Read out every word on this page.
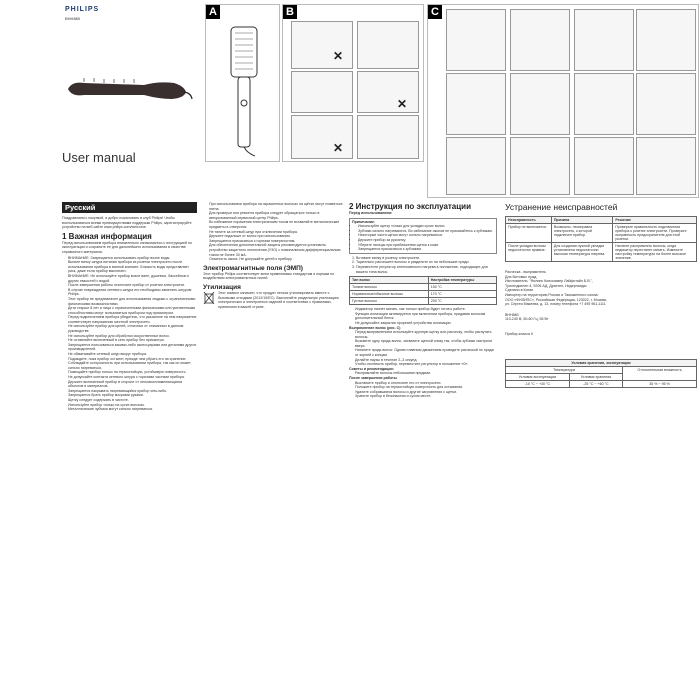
PHILIPS
BHH880
User manual
A	B
✕
✕
✕
C
Русский

Поздравляем с покупкой, и добро пожаловать в клуб Philips! Чтобы воспользоваться всеми преимуществами поддержки Philips, зарегистрируйте устройство на веб-сайте www.philips.com/welcome.

1 Важная информация

Перед использованием прибора внимательно ознакомьтесь с инструкцией по эксплуатации и сохраните ее для дальнейшего использования в качестве справочного материала.

• ВНИМАНИЕ: Запрещается использовать прибор возле воды.
• Выньте вилку шнура питания прибора из розетки электросети после использования прибора в ванной комнате. Близость воды представляет риск, даже если прибор выключен.
• ВНИМАНИЕ: Не используйте прибор возле ванн, душевых, бассейнов и других емкостей с водой.
• После завершения работы отключите прибор от розетки электросети.
• В случае повреждения сетевого шнура его необходимо заменить шнуром Philips.
• Этот прибор не предназначен для использования людьми с ограниченными физическими возможностями.
• Дети старше 8 лет и лица с ограниченными физическими или умственными способностями могут пользоваться прибором под присмотром.
• Перед подключением прибора убедитесь, что указанное на нем напряжение соответствует напряжению местной электросети.
• Не используйте прибор для целей, отличных от описанных в данном руководстве.
• Не используйте прибор для обработки искусственных волос.
• Не оставляйте включенный в сеть прибор без присмотра.
• Запрещается пользоваться какими-либо аксессуарами или деталями других производителей.
• Не обматывайте сетевой шнур вокруг прибора.
• Подождите, пока прибор остынет, прежде чем убрать его на хранение.
• Соблюдайте осторожность при использовании прибора, так как он может сильно нагреваться.
• Помещайте прибор только на термостойкую, устойчивую поверхность.
• Не допускайте контакта сетевого шнура с горячими частями прибора.
• Держите включенный прибор в стороне от легковоспламеняющихся объектов и материалов.
• Запрещается накрывать нагревающийся прибор чем-либо.
• Запрещается брать прибор мокрыми руками.
• Щетку следует содержать в чистоте.
• Используйте прибор только на сухих волосах.
• Металлические зубчики могут сильно нагреваться.
• При использовании прибора на окрашенных волосах на щётке могут появиться пятна.
• Для проверки или ремонта прибора следует обращаться только в авторизованный сервисный центр Philips.
• Во избежание поражения электрическим током не вставляйте металлические предметы в отверстия.
• Не тяните за сетевой шнур при отключении прибора.
• Держите подальше от волос при использовании.
• Запрещается прикасаться к горячим поверхностям.
• Для обеспечения дополнительной защиты рекомендуется установить устройство защитного отключения (УЗО) с номинальным дифференциальным током не более 30 мА.
• Опасность ожога. Не допускайте детей к прибору.
Электромагнитные поля (ЭМП)

Этот прибор Philips соответствует всем применимым стандартам и нормам по воздействию электромагнитных полей.

Утилизация

Этот символ означает, что продукт нельзя утилизировать вместе с бытовыми отходами (2012/19/ЕС). Выполняйте раздельную утилизацию электрических и электронных изделий в соответствии с правилами, принятыми в вашей стране.

2 Инструкция по эксплуатации
Перед использованием:
Примечание.
• Используйте щетку только для укладки сухих волос.
• Зубчики сильно нагреваются. Во избежание ожогов не прикасайтесь к зубчикам.
• Некоторые части щетки могут сильно нагреваться.
• Держите прибор за рукоятку.
• Уберите пальцы при приближении щетки к коже.
• Запрещается прикасаться к зубчикам.
1. Вставьте вилку в розетку электросети.
2. Тщательно расчешите волосы и разделите их на небольшие пряди.
3. Переместите регулятор интенсивности нагрева в положение, подходящее для вашего типа волос.
Тип волос	Настройка температуры
Тонкие волосы	150 °C
Нормальные/обычные волосы	170 °C
Густые волосы	200 °C
• Индикатор начнет мигать, как только прибор будет готов к работе.
• Функция ионизации активируется при включении прибора, придавая волосам дополнительный блеск.
• Не допускайте закрытия прорезей устройства ионизации.
Выпрямление волос (рис. C)
• Перед выпрямлением используйте крупную щетку или расческу, чтобы распутать волосы.
• Возьмите одну прядь волос, захватите щеткой снизу так, чтобы зубчики смотрели вверх.
• Натяните прядь волос. Одним плавным движением проведите расческой по пряди от корней к концам.
• Делайте паузы в течение 2–3 секунд.
• Чтобы отключить прибор, переместите регулятор в положение «0».
Советы и рекомендации:
• Распрямляйте волосы небольшими прядями.
После завершения работы
• Выключите прибор и отключите его от электросети.
• Положите прибор на термостойкую поверхность для остывания.
• Удалите собравшиеся волосы и другие загрязнения с щетки.
• Храните прибор в безопасном и сухом месте.
Устранение неисправностей
Неисправность	Причина	Решение
Прибор не включается.	Возможно, неисправна электросеть, к которой подключен прибор.	Проверьте правильность подключения прибора к розетке электросети. Проверьте исправность предохранителя для этой розетки.
После укладки волосы недостаточно прямые.	Для создания нужной укладки установлена недостаточно высокая температура нагрева.	Начните распрямлять волосы, когда индикатор перестанет мигать. Измените настройку температуры на более высокое значение.
Расческа - выпрямитель
Для бытовых нужд
Изготовитель: "Филипс Консьюмер Лайфстайл Б.В.",
Туссендиепен 4, 9206 АД, Драхтен, Нидерланды
Сделано в Китае
Импортер на территорию России и Таможенного союза:
ООО «ФИЛИПС», Российская Федерация, 123022, г. Москва,
ул. Сергея Макеева, д. 13, номер телефона +7 495 961-1111
BHH880
110-240 В; 50-60 Гц; 55 Вт
Прибор класса II
Условия хранения, эксплуатации		
Температура		Относительная влажность
Условия эксплуатации	Условия хранения	
-10 °C ~ +30 °C	-25 °C ~ +60 °C	35 % ~ 95 %
